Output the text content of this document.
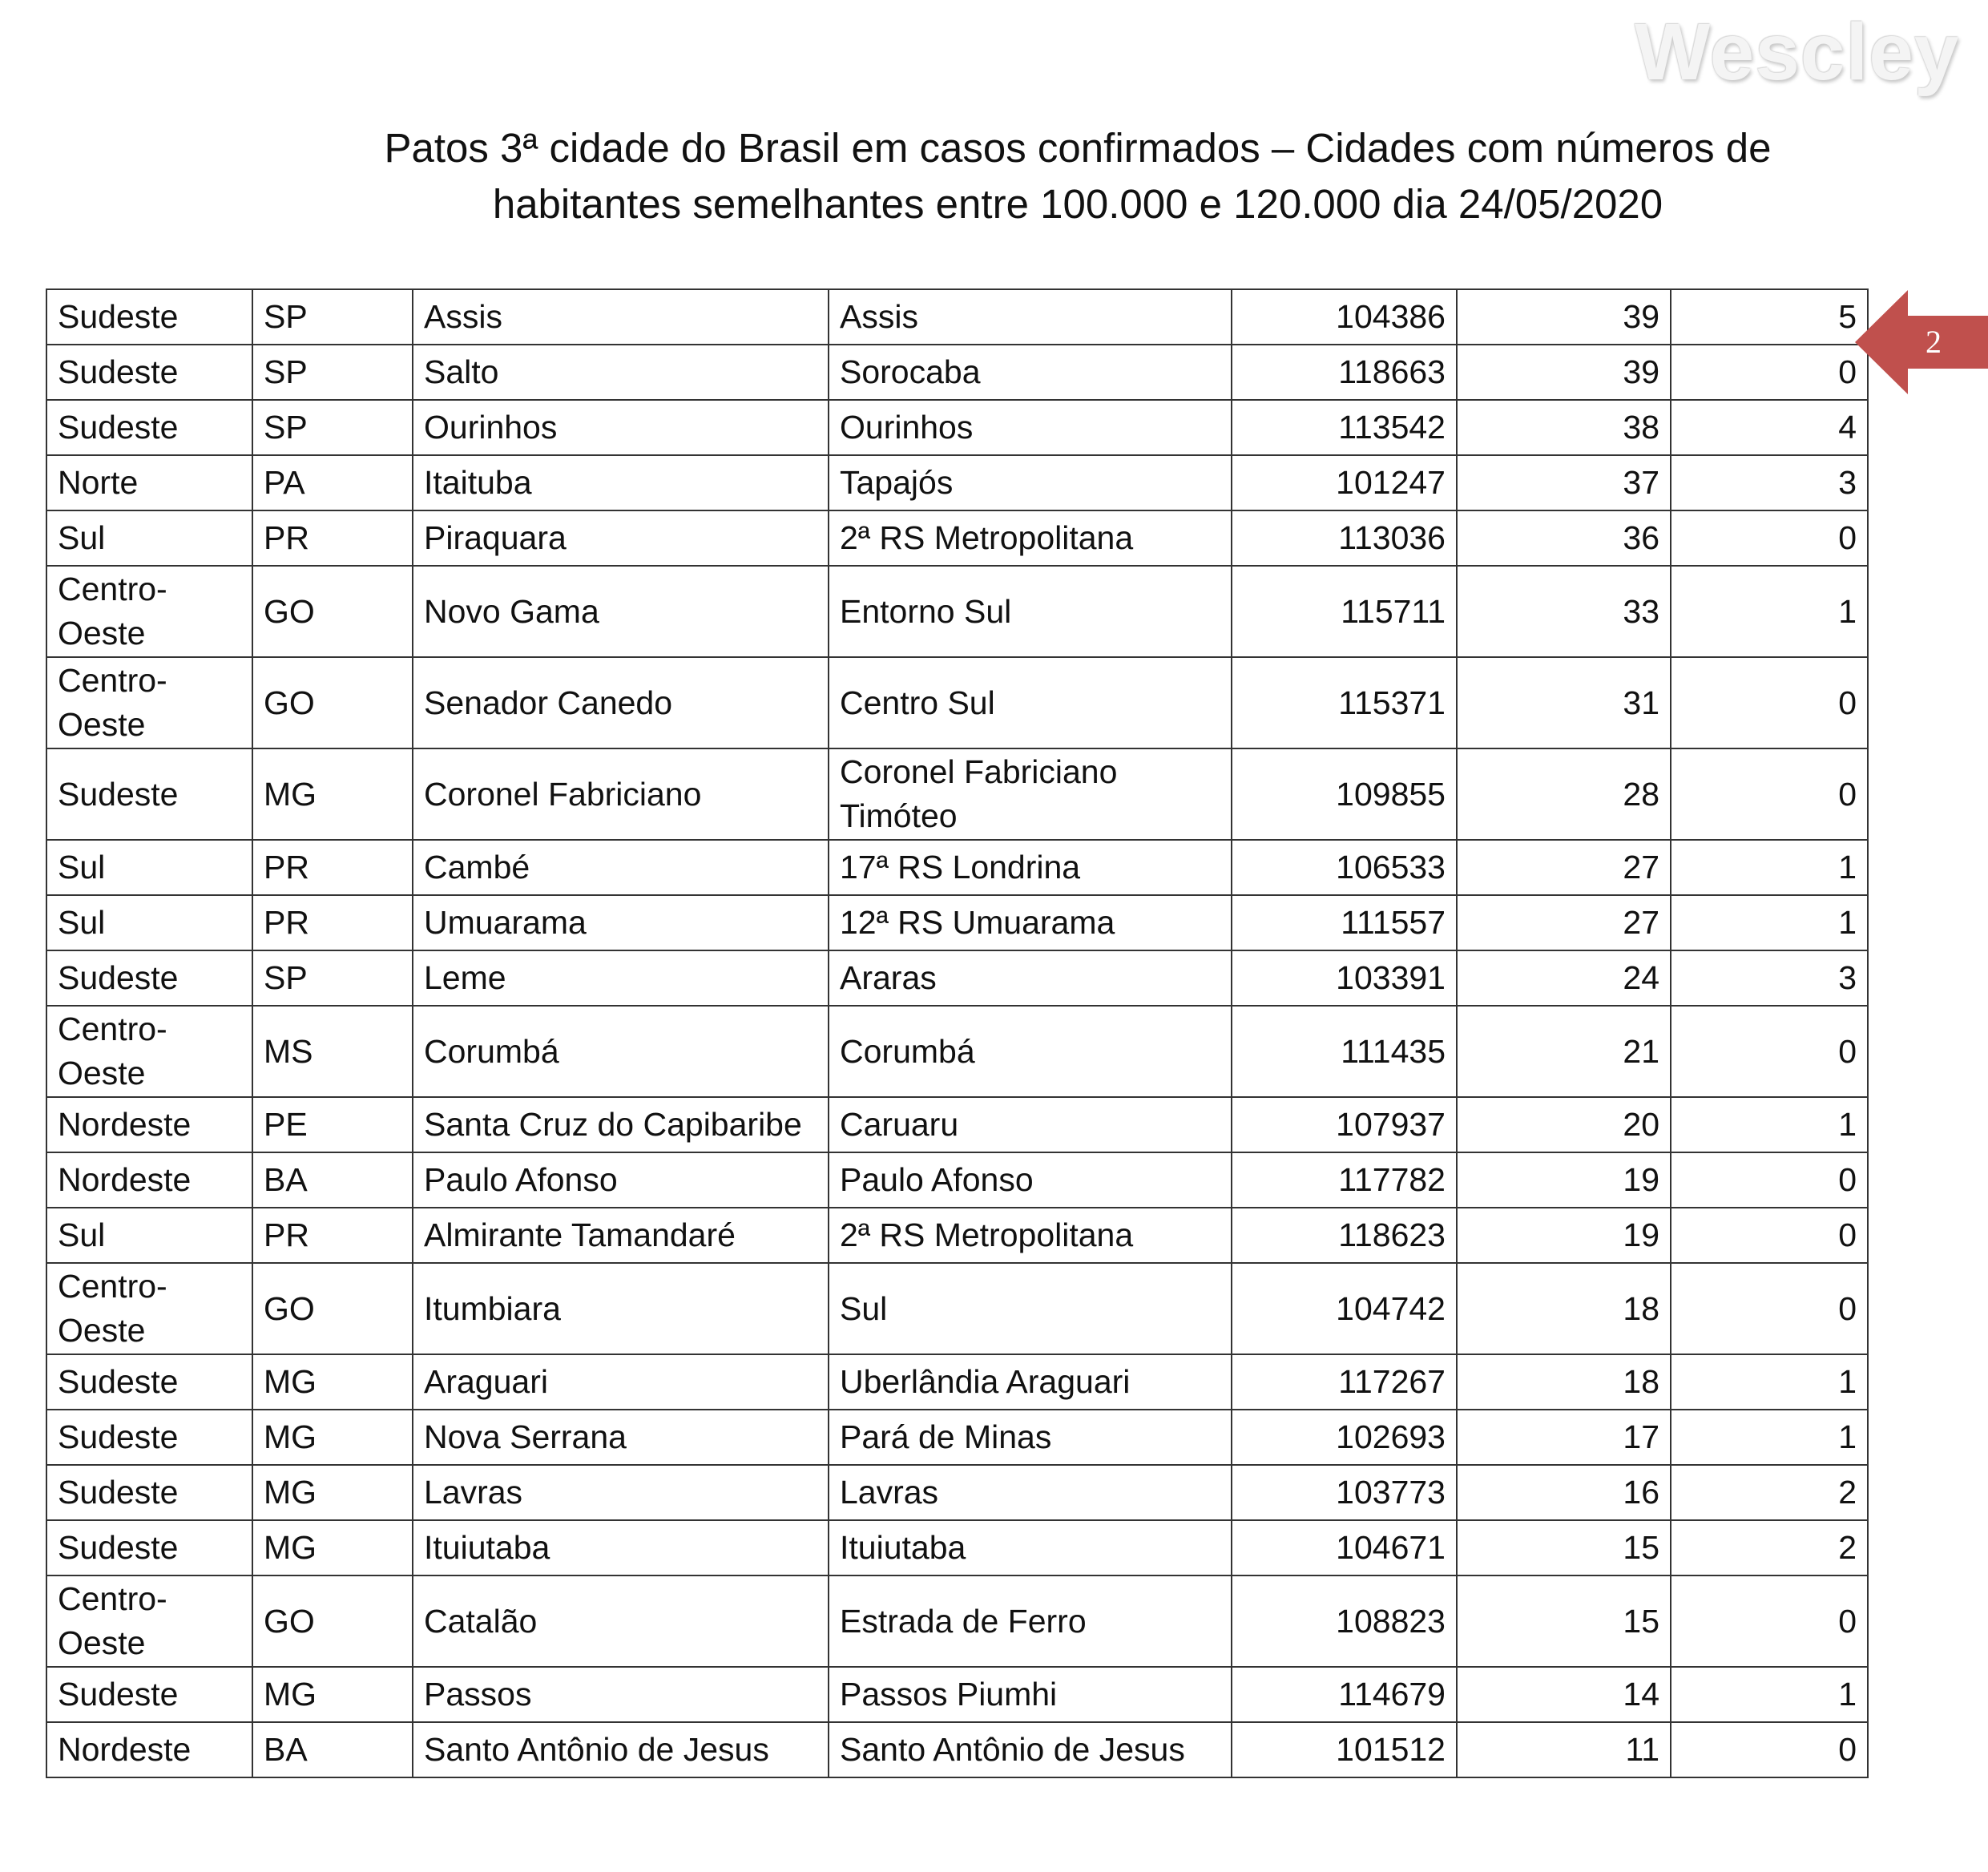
Wescley
Patos 3ª cidade do Brasil em casos confirmados – Cidades com números de
habitantes semelhantes entre 100.000 e 120.000 dia 24/05/2020
Sudeste	SP	Assis	Assis	104386	39	5
Sudeste	SP	Salto	Sorocaba	118663	39	0
Sudeste	SP	Ourinhos	Ourinhos	113542	38	4
Norte	PA	Itaituba	Tapajós	101247	37	3
Sul	PR	Piraquara	2ª RS Metropolitana	113036	36	0
Centro-Oeste	GO	Novo Gama	Entorno Sul	115711	33	1
Centro-Oeste	GO	Senador Canedo	Centro Sul	115371	31	0
Sudeste	MG	Coronel Fabriciano	Coronel Fabriciano Timóteo	109855	28	0
Sul	PR	Cambé	17ª RS Londrina	106533	27	1
Sul	PR	Umuarama	12ª RS Umuarama	111557	27	1
Sudeste	SP	Leme	Araras	103391	24	3
Centro-Oeste	MS	Corumbá	Corumbá	111435	21	0
Nordeste	PE	Santa Cruz do Capibaribe	Caruaru	107937	20	1
Nordeste	BA	Paulo Afonso	Paulo Afonso	117782	19	0
Sul	PR	Almirante Tamandaré	2ª RS Metropolitana	118623	19	0
Centro-Oeste	GO	Itumbiara	Sul	104742	18	0
Sudeste	MG	Araguari	Uberlândia Araguari	117267	18	1
Sudeste	MG	Nova Serrana	Pará de Minas	102693	17	1
Sudeste	MG	Lavras	Lavras	103773	16	2
Sudeste	MG	Ituiutaba	Ituiutaba	104671	15	2
Centro-Oeste	GO	Catalão	Estrada de Ferro	108823	15	0
Sudeste	MG	Passos	Passos Piumhi	114679	14	1
Nordeste	BA	Santo Antônio de Jesus	Santo Antônio de Jesus	101512	11	0
2
